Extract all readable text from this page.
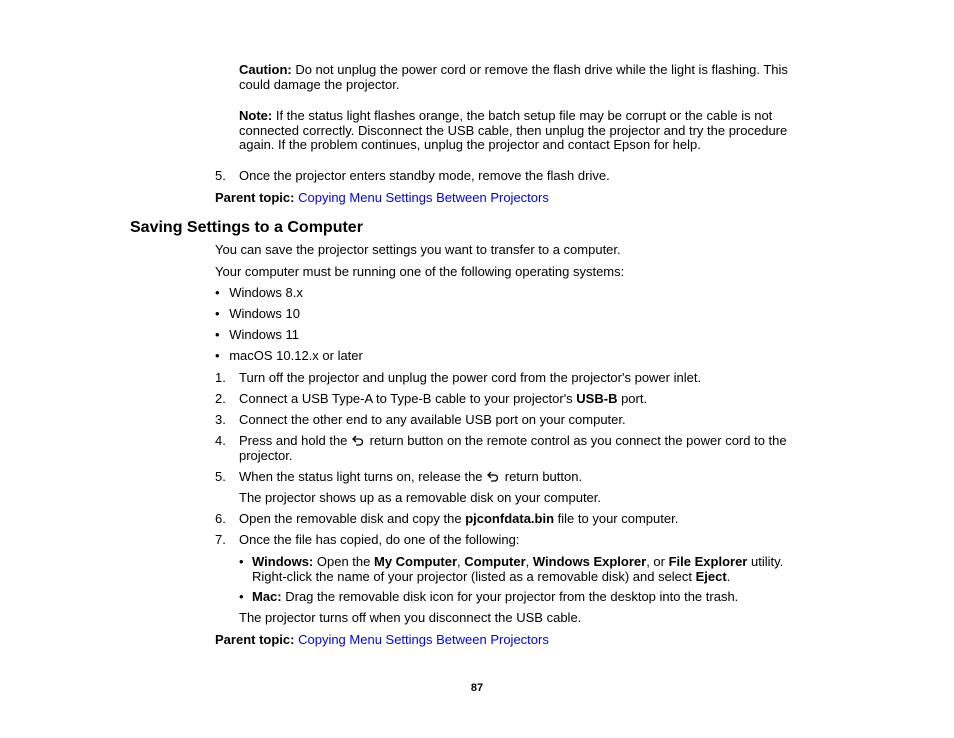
Caution: Do not unplug the power cord or remove the flash drive while the light is flashing. This
could damage the projector.
Note: If the status light flashes orange, the batch setup file may be corrupt or the cable is not
connected correctly. Disconnect the USB cable, then unplug the projector and try the procedure
again. If the problem continues, unplug the projector and contact Epson for help.
5. Once the projector enters standby mode, remove the flash drive.
Parent topic: Copying Menu Settings Between Projectors
Saving Settings to a Computer
You can save the projector settings you want to transfer to a computer.
Your computer must be running one of the following operating systems:
• Windows 8.x
• Windows 10
• Windows 11
• macOS 10.12.x or later
1. Turn off the projector and unplug the power cord from the projector's power inlet.
2. Connect a USB Type-A to Type-B cable to your projector's USB-B port.
3. Connect the other end to any available USB port on your computer.
4. Press and hold the
return button on the remote control as you connect the power cord to the
projector.
5. When the status light turns on, release the
return button.
The projector shows up as a removable disk on your computer.
6. Open the removable disk and copy the pjconfdata.bin file to your computer.
7. Once the file has copied, do one of the following:
• Windows: Open the My Computer, Computer, Windows Explorer, or File Explorer utility.
Right-click the name of your projector (listed as a removable disk) and select Eject.
• Mac: Drag the removable disk icon for your projector from the desktop into the trash.
The projector turns off when you disconnect the USB cable.
Parent topic: Copying Menu Settings Between Projectors
87
